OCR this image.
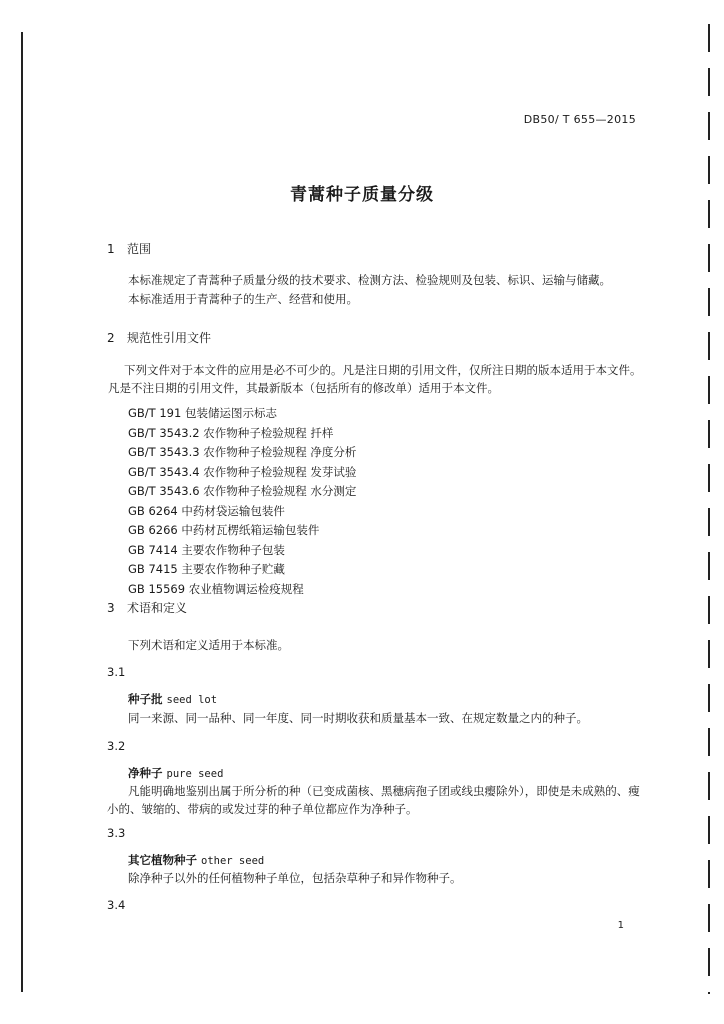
DB50/ T 655—2015
青蒿种子质量分级
1 范围
本标准规定了青蒿种子质量分级的技术要求、检测方法、检验规则及包装、标识、运输与储藏。
本标准适用于青蒿种子的生产、经营和使用。
2 规范性引用文件
下列文件对于本文件的应用是必不可少的。凡是注日期的引用文件，仅所注日期的版本适用于本文件。凡是不注日期的引用文件，其最新版本（包括所有的修改单）适用于本文件。
GB/T 191 包装储运图示标志
GB/T 3543.2 农作物种子检验规程 扦样
GB/T 3543.3 农作物种子检验规程 净度分析
GB/T 3543.4 农作物种子检验规程 发芽试验
GB/T 3543.6 农作物种子检验规程 水分测定
GB 6264 中药材袋运输包装件
GB 6266 中药材瓦楞纸箱运输包装件
GB 7414 主要农作物种子包装
GB 7415 主要农作物种子贮藏
GB 15569 农业植物调运检疫规程
3 术语和定义
下列术语和定义适用于本标准。
3.1
种子批 seed lot
同一来源、同一品种、同一年度、同一时期收获和质量基本一致、在规定数量之内的种子。
3.2
净种子 pure seed
凡能明确地鉴别出属于所分析的种（已变成菌核、黑穗病孢子团或线虫瘿除外），即使是未成熟的、瘦小的、皱缩的、带病的或发过芽的种子单位都应作为净种子。
3.3
其它植物种子 other seed
除净种子以外的任何植物种子单位，包括杂草种子和异作物种子。
3.4
1
